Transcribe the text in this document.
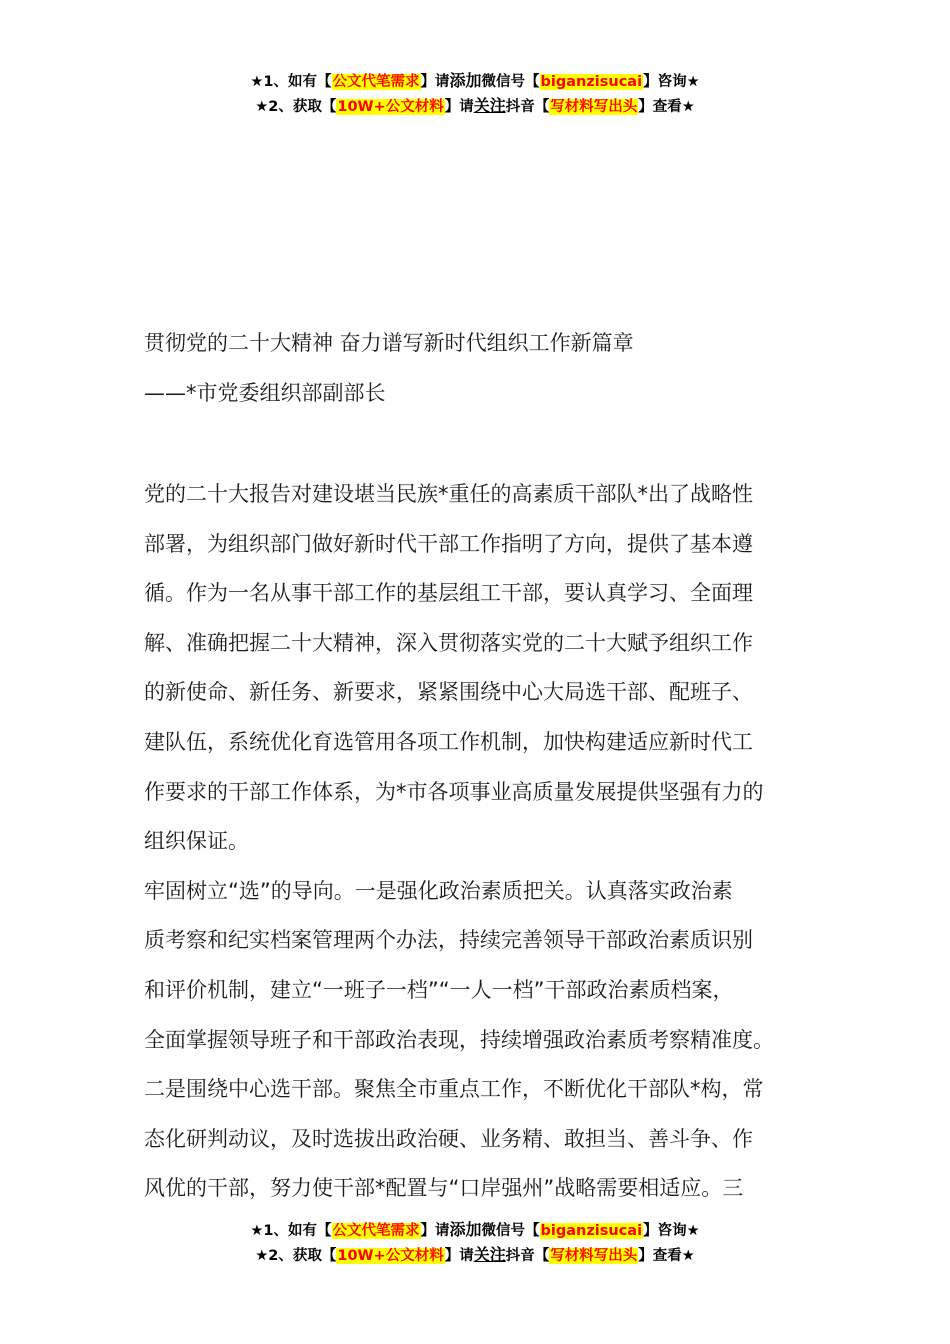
★1、如有【公文代笔需求】请添加微信号【biganzisucai】咨询★
★2、获取【10W+公文材料】请关注抖音【写材料写出头】查看★
贯彻党的二十大精神 奋力谱写新时代组织工作新篇章
——*市党委组织部副部长
党的二十大报告对建设堪当民族*重任的高素质干部队*出了战略性
部署，为组织部门做好新时代干部工作指明了方向，提供了基本遵
循。作为一名从事干部工作的基层组工干部，要认真学习、全面理
解、准确把握二十大精神，深入贯彻落实党的二十大赋予组织工作
的新使命、新任务、新要求，紧紧围绕中心大局选干部、配班子、
建队伍，系统优化育选管用各项工作机制，加快构建适应新时代工
作要求的干部工作体系，为*市各项事业高质量发展提供坚强有力的
组织保证。
牢固树立“选”的导向。一是强化政治素质把关。认真落实政治素
质考察和纪实档案管理两个办法，持续完善领导干部政治素质识别
和评价机制，建立“一班子一档”“一人一档”干部政治素质档案，
全面掌握领导班子和干部政治表现，持续增强政治素质考察精准度。
二是围绕中心选干部。聚焦全市重点工作，不断优化干部队*构，常
态化研判动议，及时选拔出政治硬、业务精、敢担当、善斗争、作
风优的干部，努力使干部*配置与“口岸强州”战略需要相适应。三
★1、如有【公文代笔需求】请添加微信号【biganzisucai】咨询★
★2、获取【10W+公文材料】请关注抖音【写材料写出头】查看★
